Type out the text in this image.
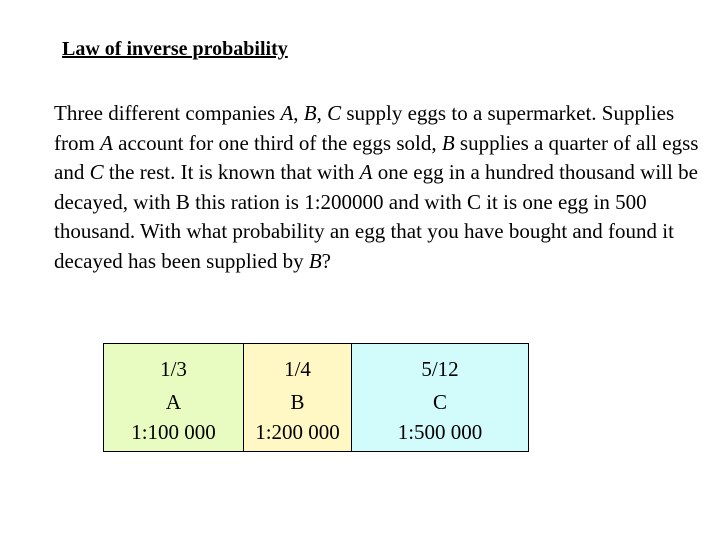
Law of inverse probability
Three different companies A, B, C supply eggs to a supermarket. Supplies from A account for one third of the eggs sold, B supplies a quarter of all egss and C the rest. It is known that with A one egg in a hundred thousand will be decayed, with B this ration is 1:200000 and with C it is one egg in 500 thousand. With what probability an egg that you have bought and found it decayed has been supplied by B?
1/3
A
1:100 000
1/4
B
1:200 000
5/12
C
1:500 000
